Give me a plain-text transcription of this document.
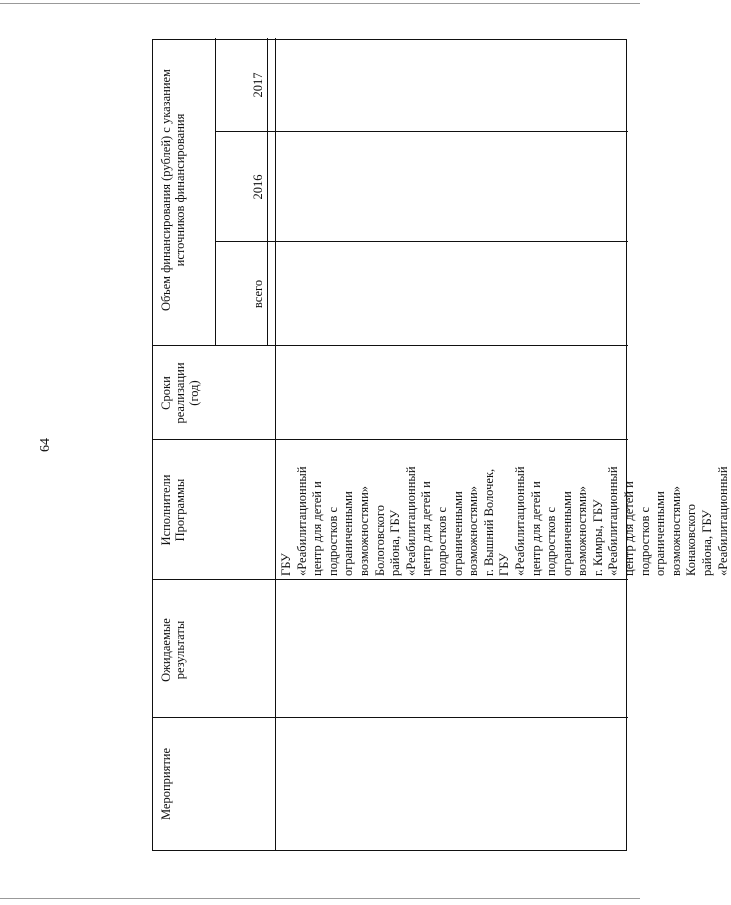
64
Мероприятие
Ожидаемые результаты
Исполнители Программы
Сроки реализации (год)
Объем финансирования (рублей) с указанием источников финансирования
всего
2016
2017
ГБУ «Реабилитационный центр для детей и подростков с ограниченными возможностями» Бологовского района, ГБУ «Реабилитационный центр для детей и подростков с ограниченными возможностями» г. Вышний Волочек, ГБУ «Реабилитационный центр для детей и подростков с ограниченными возможностями» г. Кимры, ГБУ «Реабилитационный центр для детей и подростков с ограниченными возможностями» Конаковского района, ГБУ «Реабилитационный
